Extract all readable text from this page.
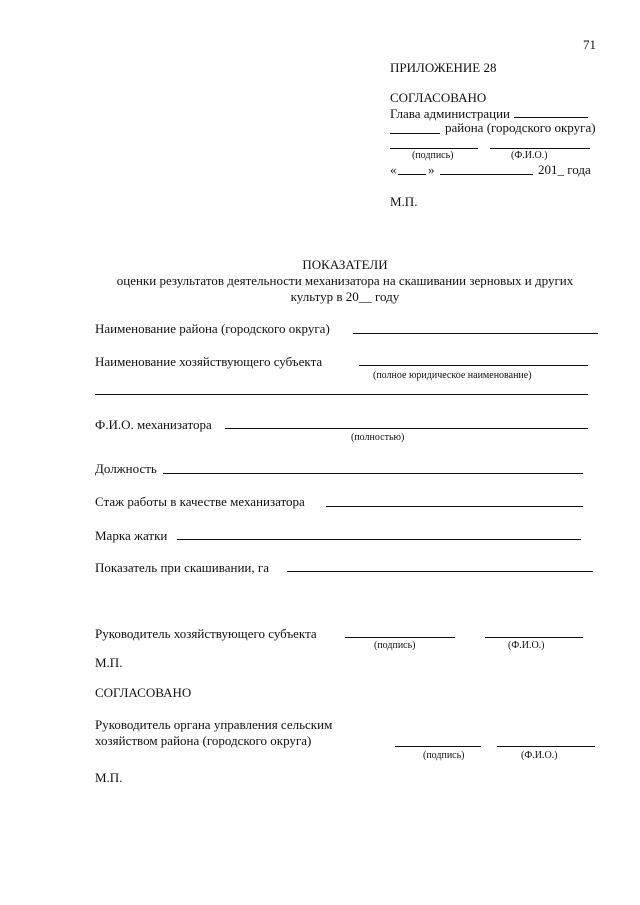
71
ПРИЛОЖЕНИЕ 28
СОГЛАСОВАНО
Глава администрации
района (городского округа)
(подпись)	(Ф.И.О.)
« »	201_ года
М.П.
ПОКАЗАТЕЛИ
оценки результатов деятельности механизатора на скашивании зерновых и других
культур в 20__ году
Наименование района (городского округа)
Наименование хозяйствующего субъекта
(полное юридическое наименование)
Ф.И.О. механизатора
(полностью)
Должность
Стаж работы в качестве механизатора
Марка жатки
Показатель при скашивании, га
Руководитель хозяйствующего субъекта
(подпись)	(Ф.И.О.)
М.П.
СОГЛАСОВАНО
Руководитель органа управления сельским
хозяйством района (городского округа)
(подпись)	(Ф.И.О.)
М.П.
